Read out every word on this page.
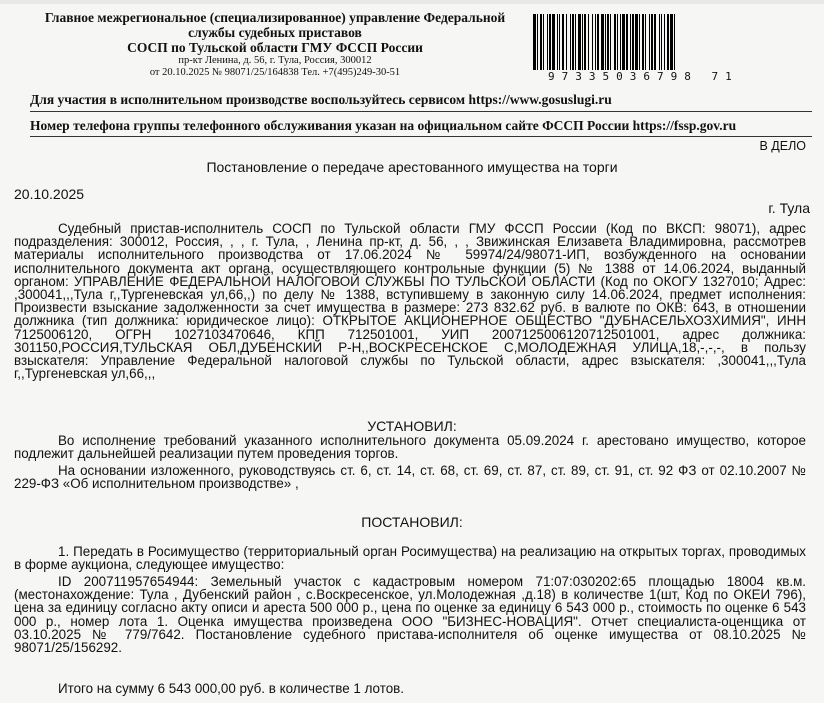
Главное межрегиональное (специализированное) управление Федеральной
службы судебных приставов
СОСП по Тульской области ГМУ ФССП России
пр-кт Ленина, д. 56, г. Тула, Россия, 300012
от 20.10.2025 № 98071/25/164838 Тел. +7(495)249-30-51	97335036798 71
Для участия в исполнительном производстве воспользуйтесь сервисом https://www.gosuslugi.ru
Номер телефона группы телефонного обслуживания указан на официальном сайте ФССП России https://fssp.gov.ru
В ДЕЛО
Постановление о передаче арестованного имущества на торги
20.10.2025
г. Тула
Судебный пристав-исполнитель СОСП по Тульской области ГМУ ФССП России (Код по ВКСП: 98071), адрес подразделения: 300012, Россия, , , г. Тула, , Ленина пр-кт, д. 56, , , Звижинская Елизавета Владимировна, рассмотрев материалы исполнительного производства от 17.06.2024 № 59974/24/98071-ИП, возбужденного на основании исполнительного документа акт органа, осуществляющего контрольные функции (5) № 1388 от 14.06.2024, выданный органом: УПРАВЛЕНИЕ ФЕДЕРАЛЬНОЙ НАЛОГОВОЙ СЛУЖБЫ ПО ТУЛЬСКОЙ ОБЛАСТИ (Код по ОКОГУ 1327010; Адрес: ,300041,,,Тула г,,Тургеневская ул,66,,) по делу № 1388, вступившему в законную силу 14.06.2024, предмет исполнения: Произвести взыскание задолженности за счет имущества в размере: 273 832.62 руб. в валюте по ОКВ: 643, в отношении должника (тип должника: юридическое лицо): ОТКРЫТОЕ АКЦИОНЕРНОЕ ОБЩЕСТВО "ДУБНАСЕЛЬХОЗХИМИЯ", ИНН 7125006120, ОГРН 1027103470646, КПП 712501001, УИП 2007125006120712501001, адрес должника: 301150,РОССИЯ,ТУЛЬСКАЯ ОБЛ,ДУБЕНСКИЙ Р-Н,,ВОСКРЕСЕНСКОЕ С,МОЛОДЕЖНАЯ УЛИЦА,18,-,-,-, в пользу взыскателя: Управление Федеральной налоговой службы по Тульской области, адрес взыскателя: ,300041,,,Тула г,,Тургеневская ул,66,,,
УСТАНОВИЛ:
Во исполнение требований указанного исполнительного документа 05.09.2024 г. арестовано имущество, которое подлежит дальнейшей реализации путем проведения торгов.
На основании изложенного, руководствуясь ст. 6, ст. 14, ст. 68, ст. 69, ст. 87, ст. 89, ст. 91, ст. 92 ФЗ от 02.10.2007 № 229-ФЗ «Об исполнительном производстве» ,
ПОСТАНОВИЛ:
1. Передать в Росимущество (территориальный орган Росимущества) на реализацию на открытых торгах, проводимых в форме аукциона, следующее имущество:
ID 200711957654944: Земельный участок с кадастровым номером 71:07:030202:65 площадью 18004 кв.м. (местонахождение: Тула , Дубенский район , с.Воскресенское, ул.Молодежная ,д.18) в количестве 1(шт, Код по ОКЕИ 796), цена за единицу согласно акту описи и ареста 500 000 р., цена по оценке за единицу 6 543 000 р., стоимость по оценке 6 543 000 р., номер лота 1. Оценка имущества произведена ООО "БИЗНЕС-НОВАЦИЯ". Отчет специалиста-оценщика от 03.10.2025 № 779/7642. Постановление судебного пристава-исполнителя об оценке имущества от 08.10.2025 № 98071/25/156292.
Итого на сумму 6 543 000,00 руб. в количестве 1 лотов.
